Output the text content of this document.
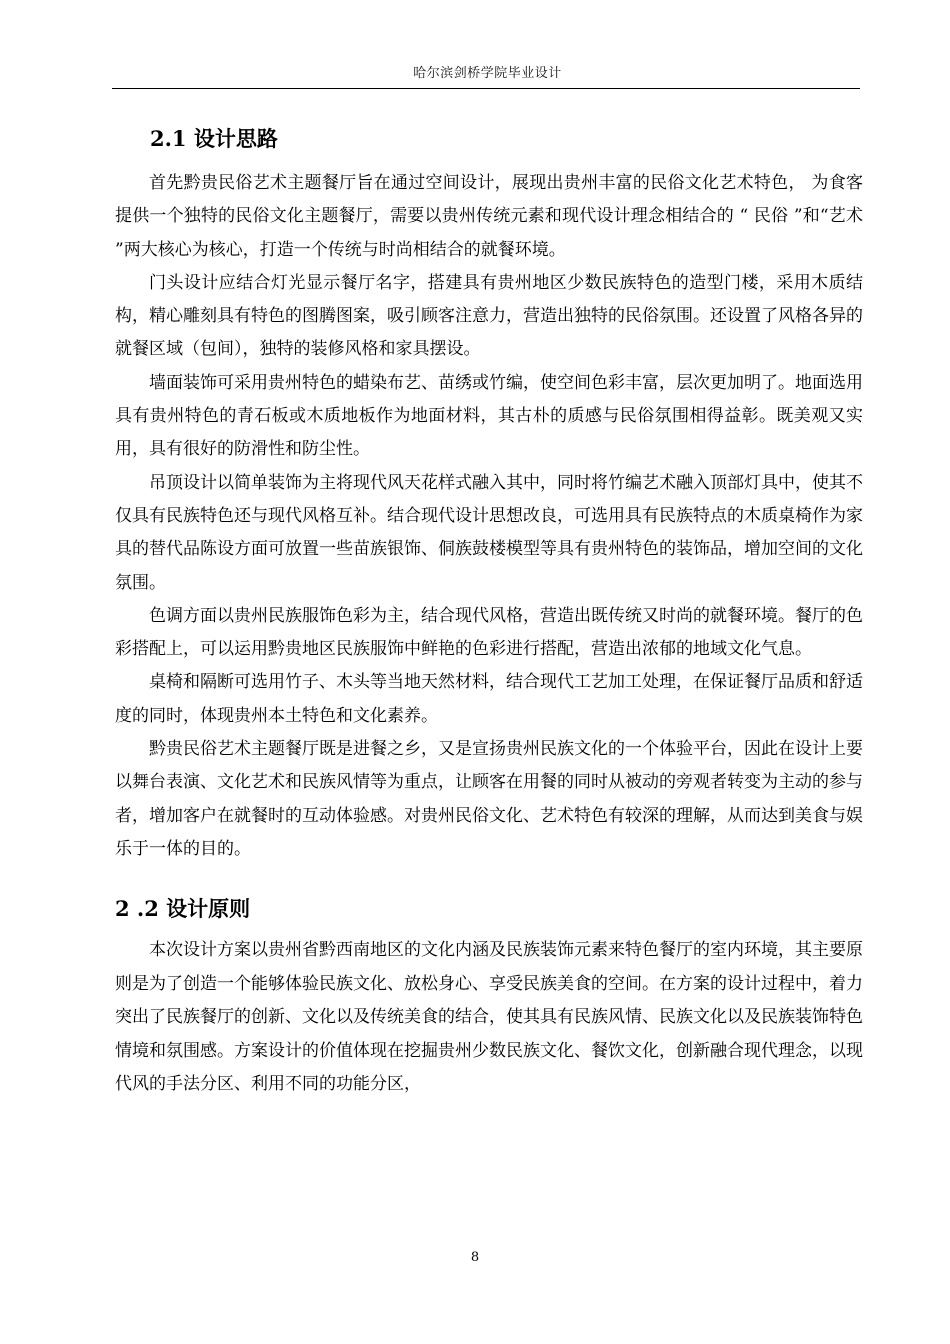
哈尔滨剑桥学院毕业设计
2.1 设计思路

首先黔贵民俗艺术主题餐厅旨在通过空间设计，展现出贵州丰富的民俗文化艺术特色， 为食客提供一个独特的民俗文化主题餐厅，需要以贵州传统元素和现代设计理念相结合的 “ 民俗 ”和“艺术 ”两大核心为核心，打造一个传统与时尚相结合的就餐环境。

门头设计应结合灯光显示餐厅名字，搭建具有贵州地区少数民族特色的造型门楼，采用木质结构，精心雕刻具有特色的图腾图案，吸引顾客注意力，营造出独特的民俗氛围。还设置了风格各异的就餐区域（包间），独特的装修风格和家具摆设。

墙面装饰可采用贵州特色的蜡染布艺、苗绣或竹编，使空间色彩丰富，层次更加明了。地面选用具有贵州特色的青石板或木质地板作为地面材料，其古朴的质感与民俗氛围相得益彰。既美观又实用，具有很好的防滑性和防尘性。

吊顶设计以简单装饰为主将现代风天花样式融入其中，同时将竹编艺术融入顶部灯具中，使其不仅具有民族特色还与现代风格互补。结合现代设计思想改良，可选用具有民族特点的木质桌椅作为家具的替代品陈设方面可放置一些苗族银饰、侗族鼓楼模型等具有贵州特色的装饰品，增加空间的文化氛围。

色调方面以贵州民族服饰色彩为主，结合现代风格，营造出既传统又时尚的就餐环境。餐厅的色彩搭配上，可以运用黔贵地区民族服饰中鲜艳的色彩进行搭配，营造出浓郁的地域文化气息。

桌椅和隔断可选用竹子、木头等当地天然材料，结合现代工艺加工处理，在保证餐厅品质和舒适度的同时，体现贵州本土特色和文化素养。

黔贵民俗艺术主题餐厅既是进餐之乡，又是宣扬贵州民族文化的一个体验平台，因此在设计上要以舞台表演、文化艺术和民族风情等为重点，让顾客在用餐的同时从被动的旁观者转变为主动的参与者，增加客户在就餐时的互动体验感。对贵州民俗文化、艺术特色有较深的理解，从而达到美食与娱乐于一体的目的。

2 .2 设计原则

本次设计方案以贵州省黔西南地区的文化内涵及民族装饰元素来特色餐厅的室内环境，其主要原则是为了创造一个能够体验民族文化、放松身心、享受民族美食的空间。在方案的设计过程中，着力突出了民族餐厅的创新、文化以及传统美食的结合，使其具有民族风情、民族文化以及民族装饰特色情境和氛围感。方案设计的价值体现在挖掘贵州少数民族文化、餐饮文化，创新融合现代理念，以现代风的手法分区、利用不同的功能分区，

8
